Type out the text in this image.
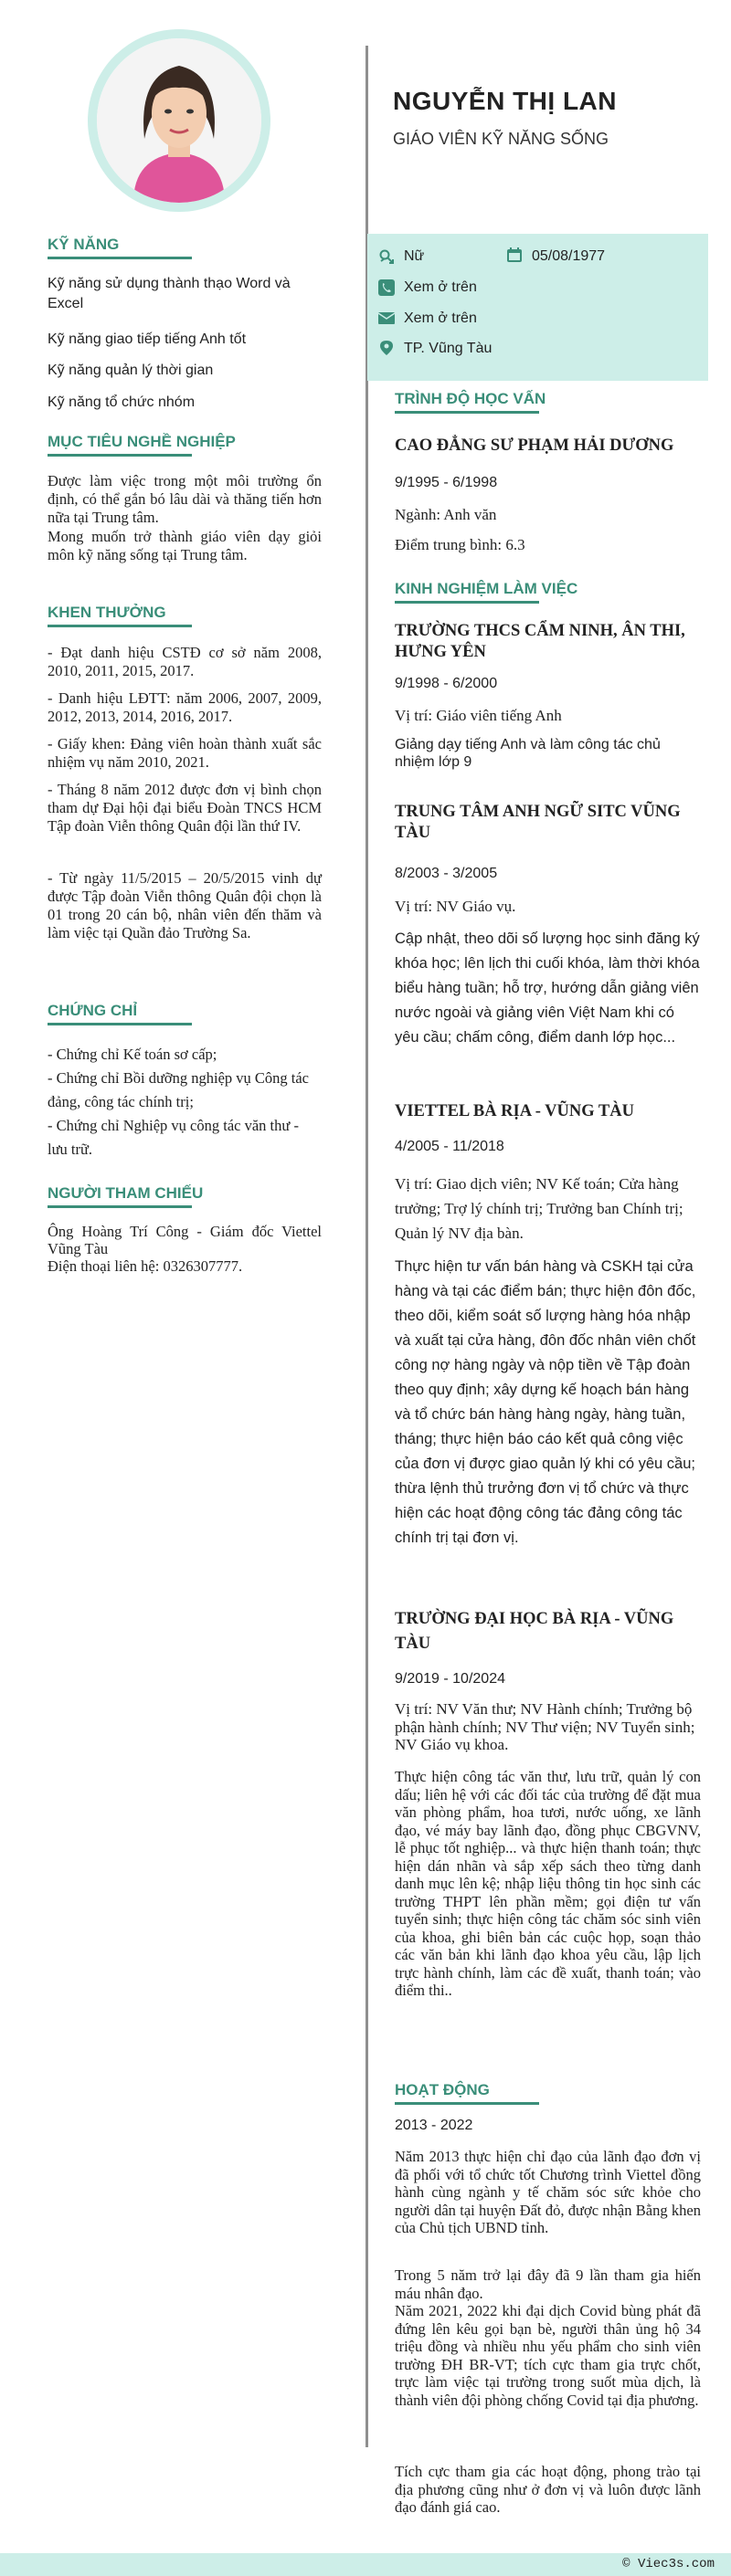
KỸ NĂNG
Kỹ năng sử dụng thành thạo Word và Excel
Kỹ năng giao tiếp tiếng Anh tốt
Kỹ năng quản lý thời gian
Kỹ năng tổ chức nhóm
MỤC TIÊU NGHỀ NGHIỆP
Được làm việc trong một môi trường ổn định, có thể gắn bó lâu dài và thăng tiến hơn nữa tại Trung tâm.
Mong muốn trở thành giáo viên dạy giỏi môn kỹ năng sống tại Trung tâm.
KHEN THƯỞNG
- Đạt danh hiệu CSTĐ cơ sở năm 2008, 2010, 2011, 2015, 2017.
- Danh hiệu LĐTT: năm 2006, 2007, 2009, 2012, 2013, 2014, 2016, 2017.
- Giấy khen: Đảng viên hoàn thành xuất sắc nhiệm vụ năm 2010, 2021.
- Tháng 8 năm 2012 được đơn vị bình chọn tham dự Đại hội đại biểu Đoàn TNCS HCM Tập đoàn Viễn thông Quân đội lần thứ IV.
- Từ ngày 11/5/2015 – 20/5/2015 vinh dự được Tập đoàn Viễn thông Quân đội chọn là 01 trong 20 cán bộ, nhân viên đến thăm và làm việc tại Quần đảo Trường Sa.
CHỨNG CHỈ
- Chứng chỉ Kế toán sơ cấp;
- Chứng chỉ Bồi dưỡng nghiệp vụ Công tác đảng, công tác chính trị;
- Chứng chỉ Nghiệp vụ công tác văn thư - lưu trữ.
NGƯỜI THAM CHIẾU
Ông Hoàng Trí Công - Giám đốc Viettel Vũng Tàu
Điện thoại liên hệ: 0326307777.
NGUYỄN THỊ LAN
GIÁO VIÊN KỸ NĂNG SỐNG
Nữ	05/08/1977
Xem ở trên
Xem ở trên
TP. Vũng Tàu
TRÌNH ĐỘ HỌC VẤN
CAO ĐẲNG SƯ PHẠM HẢI DƯƠNG
9/1995 - 6/1998
Ngành: Anh văn
Điểm trung bình: 6.3
KINH NGHIỆM LÀM VIỆC
TRƯỜNG THCS CẨM NINH, ÂN THI, HƯNG YÊN
9/1998 - 6/2000
Vị trí: Giáo viên tiếng Anh
Giảng dạy tiếng Anh và làm công tác chủ nhiệm lớp 9
TRUNG TÂM ANH NGỮ SITC VŨNG TÀU
8/2003 - 3/2005
Vị trí: NV Giáo vụ.
Cập nhật, theo dõi số lượng học sinh đăng ký khóa học; lên lịch thi cuối khóa, làm thời khóa biểu hàng tuần; hỗ trợ, hướng dẫn giảng viên nước ngoài và giảng viên Việt Nam khi có yêu cầu; chấm công, điểm danh lớp học...
VIETTEL BÀ RỊA - VŨNG TÀU
4/2005 - 11/2018
Vị trí: Giao dịch viên; NV Kế toán; Cửa hàng trưởng; Trợ lý chính trị; Trưởng ban Chính trị; Quản lý NV địa bàn.
Thực hiện tư vấn bán hàng và CSKH tại cửa hàng và tại các điểm bán; thực hiện đôn đốc, theo dõi, kiểm soát số lượng hàng hóa nhập và xuất tại cửa hàng, đôn đốc nhân viên chốt công nợ hàng ngày và nộp tiền về Tập đoàn theo quy định; xây dựng kế hoạch bán hàng và tổ chức bán hàng hàng ngày, hàng tuần, tháng; thực hiện báo cáo kết quả công việc của đơn vị được giao quản lý khi có yêu cầu; thừa lệnh thủ trưởng đơn vị tổ chức và thực hiện các hoạt động công tác đảng công tác chính trị tại đơn vị.
TRƯỜNG ĐẠI HỌC BÀ RỊA - VŨNG TÀU
9/2019 - 10/2024
Vị trí: NV Văn thư; NV Hành chính; Trưởng bộ phận hành chính; NV Thư viện; NV Tuyển sinh; NV Giáo vụ khoa.
Thực hiện công tác văn thư, lưu trữ, quản lý con dấu; liên hệ với các đối tác của trường để đặt mua văn phòng phẩm, hoa tươi, nước uống, xe lãnh đạo, vé máy bay lãnh đạo, đồng phục CBGVNV, lễ phục tốt nghiệp... và thực hiện thanh toán; thực hiện dán nhãn và sắp xếp sách theo từng danh danh mục lên kệ; nhập liệu thông tin học sinh các trường THPT lên phần mềm; gọi điện tư vấn tuyển sinh; thực hiện công tác chăm sóc sinh viên của khoa, ghi biên bản các cuộc họp, soạn thảo các văn bản khi lãnh đạo khoa yêu cầu, lập lịch trực hành chính, làm các đề xuất, thanh toán; vào điểm thi..
HOẠT ĐỘNG
2013 - 2022
Năm 2013 thực hiện chỉ đạo của lãnh đạo đơn vị đã phối với tổ chức tốt Chương trình Viettel đồng hành cùng ngành y tế chăm sóc sức khỏe cho người dân tại huyện Đất đỏ, được nhận Bằng khen của Chủ tịch UBND tỉnh.
Trong 5 năm trở lại đây đã 9 lần tham gia hiến máu nhân đạo.
Năm 2021, 2022 khi đại dịch Covid bùng phát đã đứng lên kêu gọi bạn bè, người thân ủng hộ 34 triệu đồng và nhiều nhu yếu phẩm cho sinh viên trường ĐH BR-VT; tích cực tham gia trực chốt, trực làm việc tại trường trong suốt mùa dịch, là thành viên đội phòng chống Covid tại địa phương.
Tích cực tham gia các hoạt động, phong trào tại địa phương cũng như ở đơn vị và luôn được lãnh đạo đánh giá cao.
© Viec3s.com
